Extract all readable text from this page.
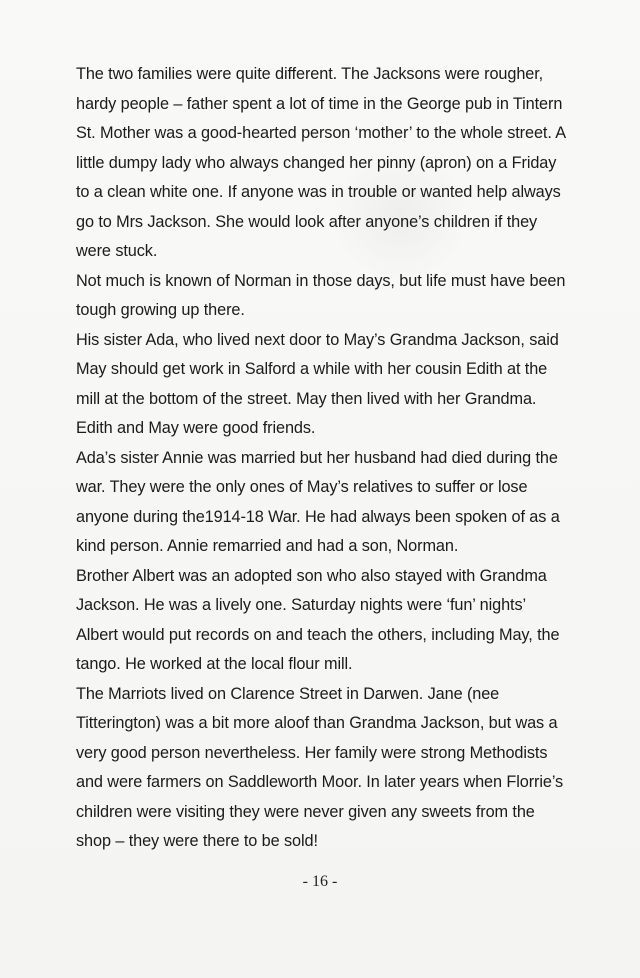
The two families were quite different. The Jacksons were rougher,
hardy people – father spent a lot of time in the George pub in Tintern
St. Mother was a good-hearted person ‘mother’ to the whole street. A
little dumpy lady who always changed her pinny (apron) on a Friday
to a clean white one. If anyone was in trouble or wanted help always
go to Mrs Jackson. She would look after anyone’s children if they
were stuck.
Not much is known of Norman in those days, but life must have been
tough growing up there.
His sister Ada, who lived next door to May’s Grandma Jackson, said
May should get work in Salford a while with her cousin Edith at the
mill at the bottom of the street. May then lived with her Grandma.
Edith and May were good friends.
Ada’s sister Annie was married but her husband had died during the
war. They were the only ones of May’s relatives to suffer or lose
anyone during the1914-18 War. He had always been spoken of as a
kind person. Annie remarried and had a son, Norman.
Brother Albert was an adopted son who also stayed with Grandma
Jackson. He was a lively one. Saturday nights were ‘fun’ nights’
Albert would put records on and teach the others, including May, the
tango. He worked at the local flour mill.
The Marriots lived on Clarence Street in Darwen. Jane (nee
Titterington) was a bit more aloof than Grandma Jackson, but was a
very good person nevertheless. Her family were strong Methodists
and were farmers on Saddleworth Moor. In later years when Florrie’s
children were visiting they were never given any sweets from the
shop – they were there to be sold!
- 16 -
